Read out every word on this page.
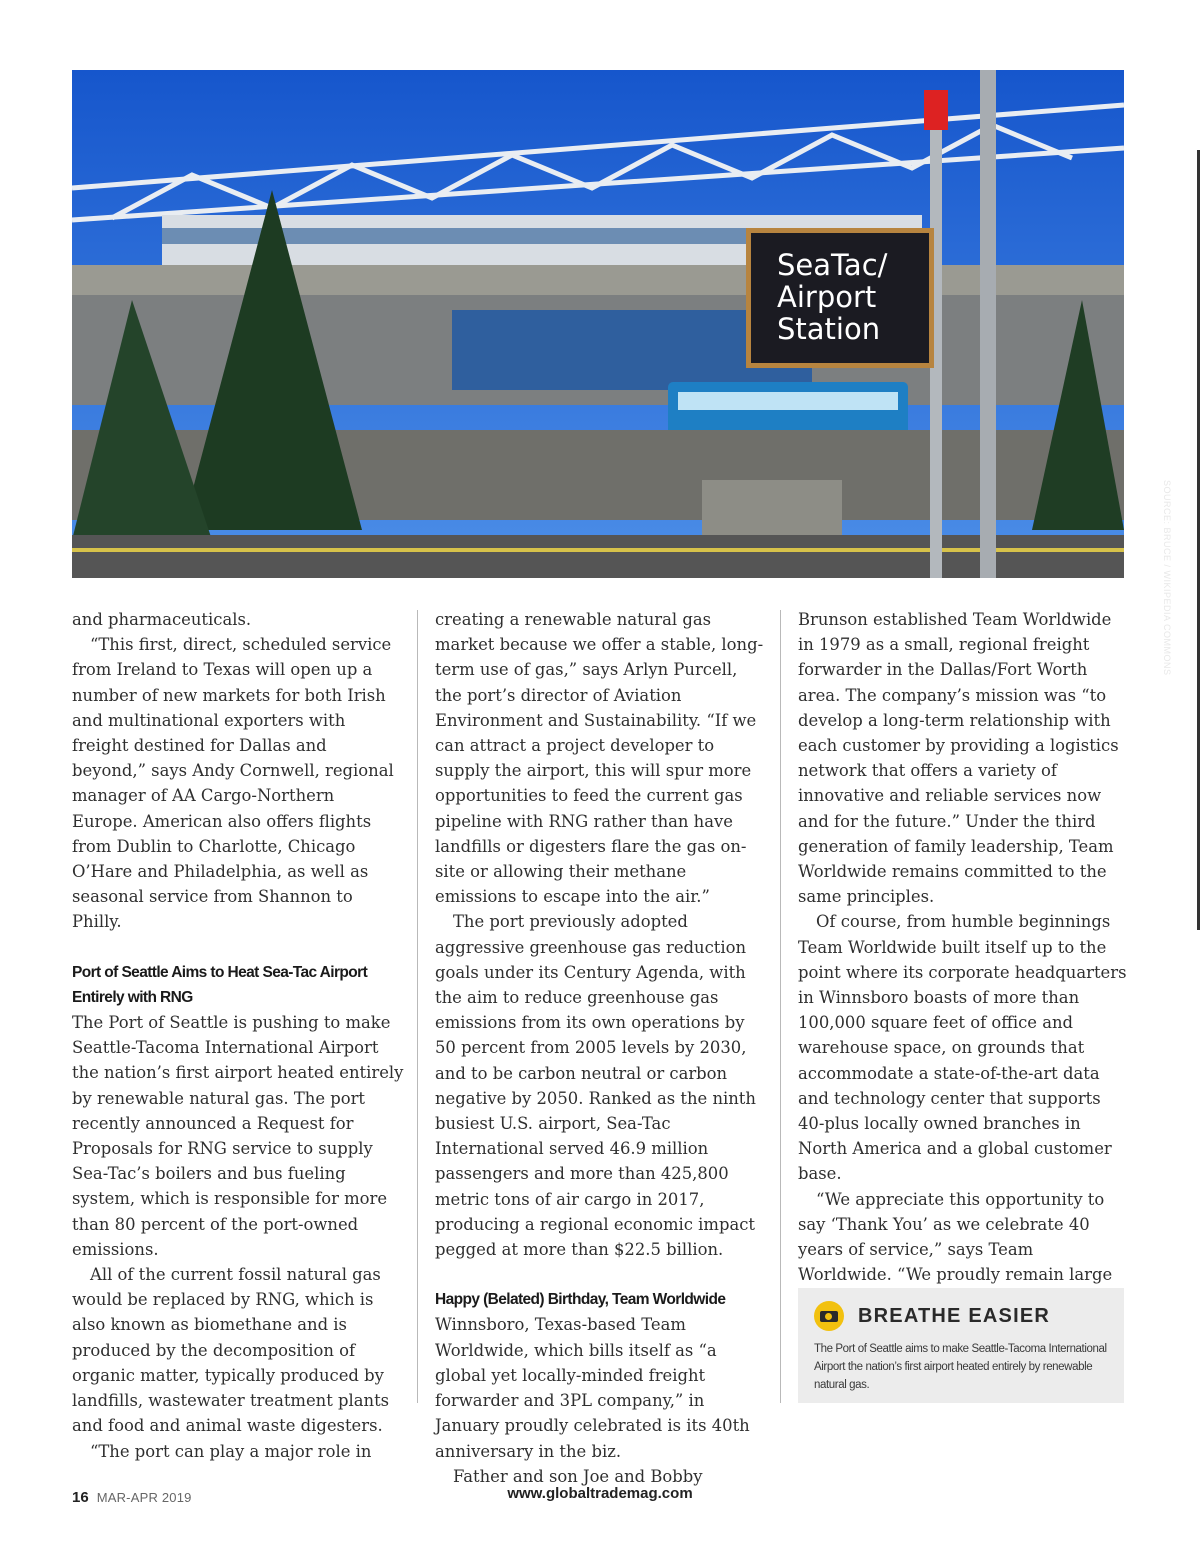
SOURCE: BRUCE / WIKIPEDIA COMMONS
SeaTac/
Airport
Station

and pharmaceuticals.

“This first, direct, scheduled service from Ireland to Texas will open up a number of new markets for both Irish and multinational exporters with freight destined for Dallas and beyond,” says Andy Cornwell, regional manager of AA Cargo-Northern Europe. American also offers flights from Dublin to Charlotte, Chicago O’Hare and Philadelphia, as well as seasonal service from Shannon to Philly.

Port of Seattle Aims to Heat Sea-Tac Airport Entirely with RNG

The Port of Seattle is pushing to make Seattle-Tacoma International Airport the nation’s first airport heated entirely by renewable natural gas. The port recently announced a Request for Proposals for RNG service to supply Sea-Tac’s boilers and bus fueling system, which is responsible for more than 80 percent of the port-owned emissions.

All of the current fossil natural gas would be replaced by RNG, which is also known as biomethane and is produced by the decomposition of organic matter, typically produced by landfills, wastewater treatment plants and food and animal waste digesters.

“The port can play a major role in

creating a renewable natural gas market because we offer a stable, long-term use of gas,” says Arlyn Purcell, the port’s director of Aviation Environment and Sustainability. “If we can attract a project developer to supply the airport, this will spur more opportunities to feed the current gas pipeline with RNG rather than have landfills or digesters flare the gas on-site or allowing their methane emissions to escape into the air.”

The port previously adopted aggressive greenhouse gas reduction goals under its Century Agenda, with the aim to reduce greenhouse gas emissions from its own operations by 50 percent from 2005 levels by 2030, and to be carbon neutral or carbon negative by 2050. Ranked as the ninth busiest U.S. airport, Sea-Tac International served 46.9 million passengers and more than 425,800 metric tons of air cargo in 2017, producing a regional economic impact pegged at more than $22.5 billion.

Happy (Belated) Birthday, Team Worldwide

Winnsboro, Texas-based Team Worldwide, which bills itself as “a global yet locally-minded freight forwarder and 3PL company,” in January proudly celebrated is its 40th anniversary in the biz.

Father and son Joe and Bobby

Brunson established Team Worldwide in 1979 as a small, regional freight forwarder in the Dallas/Fort Worth area. The company’s mission was “to develop a long-term relationship with each customer by providing a logistics network that offers a variety of innovative and reliable services now and for the future.” Under the third generation of family leadership, Team Worldwide remains committed to the same principles.

Of course, from humble beginnings Team Worldwide built itself up to the point where its corporate headquarters in Winnsboro boasts of more than 100,000 square feet of office and warehouse space, on grounds that accommodate a state-of-the-art data and technology center that supports 40-plus locally owned branches in North America and a global customer base.

“We appreciate this opportunity to say ‘Thank You’ as we celebrate 40 years of service,” says Team Worldwide. “We proudly remain large

BREATHE EASIER
The Port of Seattle aims to make Seattle-Tacoma International Airport the nation’s first airport heated entirely by renewable natural gas.
16 MAR-APR 2019	www.globaltrademag.com
